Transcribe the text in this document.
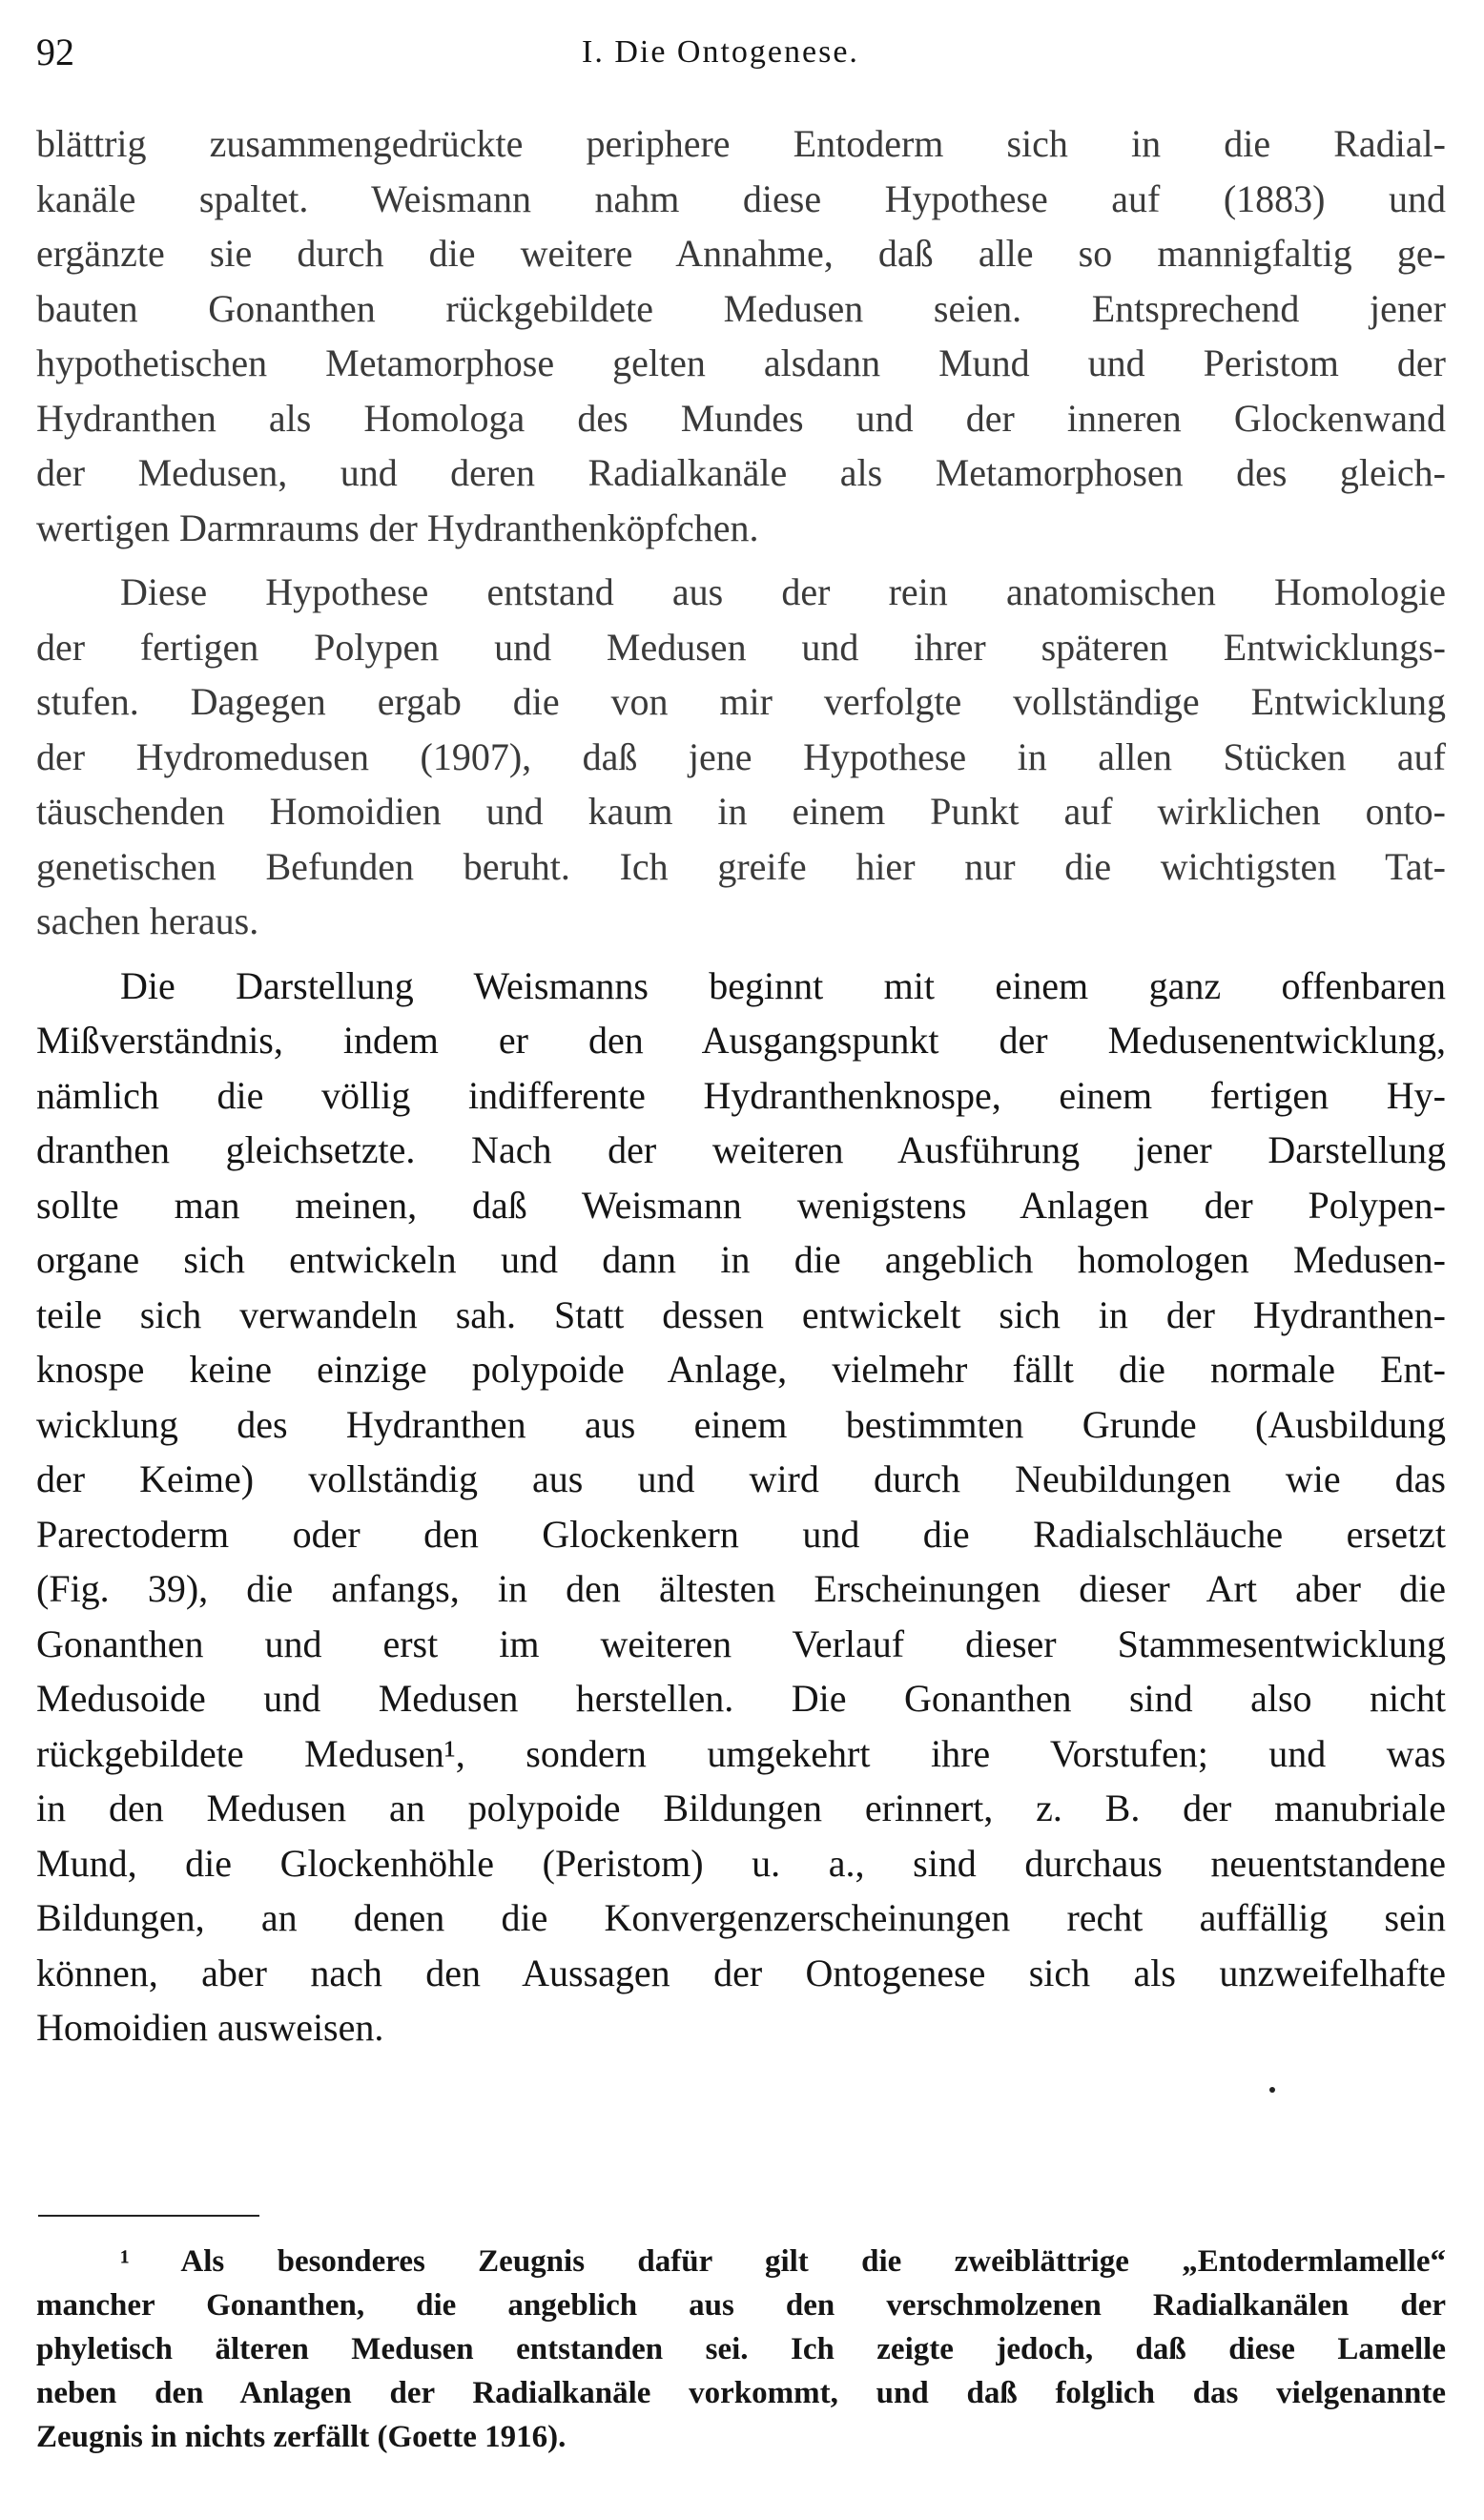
92	I. Die Ontogenese.
blättrig zusammengedrückte periphere Entoderm sich in die Radial-
kanäle spaltet. Weismann nahm diese Hypothese auf (1883) und
ergänzte sie durch die weitere Annahme, daß alle so mannigfaltig ge-
bauten Gonanthen rückgebildete Medusen seien. Entsprechend jener
hypothetischen Metamorphose gelten alsdann Mund und Peristom der
Hydranthen als Homologa des Mundes und der inneren Glockenwand
der Medusen, und deren Radialkanäle als Metamorphosen des gleich-
wertigen Darmraums der Hydranthenköpfchen.
Diese Hypothese entstand aus der rein anatomischen Homologie
der fertigen Polypen und Medusen und ihrer späteren Entwicklungs-
stufen. Dagegen ergab die von mir verfolgte vollständige Entwicklung
der Hydromedusen (1907), daß jene Hypothese in allen Stücken auf
täuschenden Homoidien und kaum in einem Punkt auf wirklichen onto-
genetischen Befunden beruht. Ich greife hier nur die wichtigsten Tat-
sachen heraus.
Die Darstellung Weismanns beginnt mit einem ganz offenbaren
Mißverständnis, indem er den Ausgangspunkt der Medusenentwicklung,
nämlich die völlig indifferente Hydranthenknospe, einem fertigen Hy-
dranthen gleichsetzte. Nach der weiteren Ausführung jener Darstellung
sollte man meinen, daß Weismann wenigstens Anlagen der Polypen-
organe sich entwickeln und dann in die angeblich homologen Medusen-
teile sich verwandeln sah. Statt dessen entwickelt sich in der Hydranthen-
knospe keine einzige polypoide Anlage, vielmehr fällt die normale Ent-
wicklung des Hydranthen aus einem bestimmten Grunde (Ausbildung
der Keime) vollständig aus und wird durch Neubildungen wie das
Parectoderm oder den Glockenkern und die Radialschläuche ersetzt
(Fig. 39), die anfangs, in den ältesten Erscheinungen dieser Art aber die
Gonanthen und erst im weiteren Verlauf dieser Stammesentwicklung
Medusoide und Medusen herstellen. Die Gonanthen sind also nicht
rückgebildete Medusen¹, sondern umgekehrt ihre Vorstufen; und was
in den Medusen an polypoide Bildungen erinnert, z. B. der manubriale
Mund, die Glockenhöhle (Peristom) u. a., sind durchaus neuentstandene
Bildungen, an denen die Konvergenzerscheinungen recht auffällig sein
können, aber nach den Aussagen der Ontogenese sich als unzweifelhafte
Homoidien ausweisen.
¹ Als besonderes Zeugnis dafür gilt die zweiblättrige „Entodermlamelle“
mancher Gonanthen, die angeblich aus den verschmolzenen Radialkanälen der
phyletisch älteren Medusen entstanden sei. Ich zeigte jedoch, daß diese Lamelle
neben den Anlagen der Radialkanäle vorkommt, und daß folglich das vielgenannte
Zeugnis in nichts zerfällt (Goette 1916).
